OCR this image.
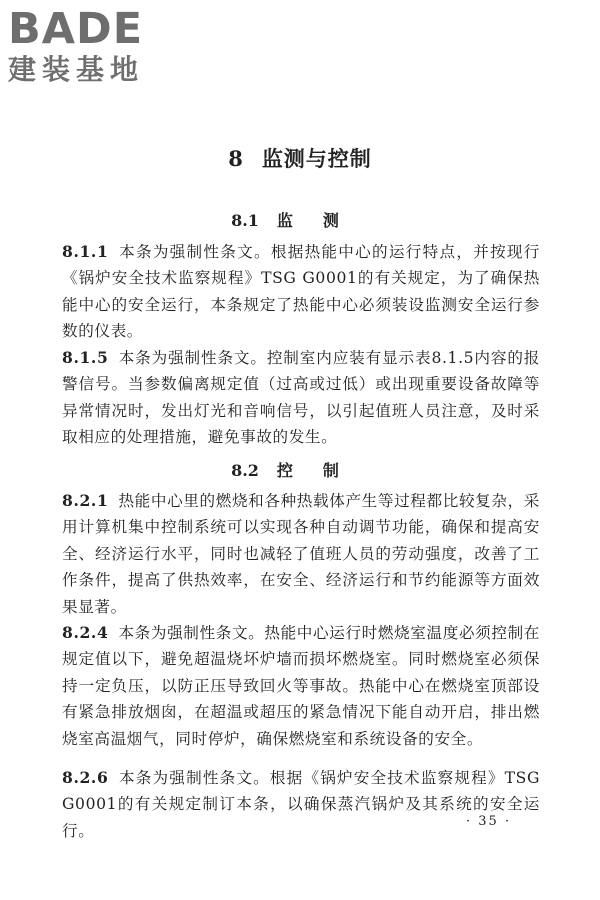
BADE
建装基地
8 监测与控制
8.1 监测
8.1.1 本条为强制性条文。根据热能中心的运行特点，并按现行《锅炉安全技术监察规程》TSG G0001的有关规定，为了确保热能中心的安全运行，本条规定了热能中心必须装设监测安全运行参数的仪表。
8.1.5 本条为强制性条文。控制室内应装有显示表8.1.5内容的报警信号。当参数偏离规定值（过高或过低）或出现重要设备故障等异常情况时，发出灯光和音响信号，以引起值班人员注意，及时采取相应的处理措施，避免事故的发生。
8.2 控制
8.2.1 热能中心里的燃烧和各种热载体产生等过程都比较复杂，采用计算机集中控制系统可以实现各种自动调节功能，确保和提高安全、经济运行水平，同时也减轻了值班人员的劳动强度，改善了工作条件，提高了供热效率，在安全、经济运行和节约能源等方面效果显著。
8.2.4 本条为强制性条文。热能中心运行时燃烧室温度必须控制在规定值以下，避免超温烧坏炉墙而损坏燃烧室。同时燃烧室必须保持一定负压，以防正压导致回火等事故。热能中心在燃烧室顶部设有紧急排放烟囱，在超温或超压的紧急情况下能自动开启，排出燃烧室高温烟气，同时停炉，确保燃烧室和系统设备的安全。
8.2.6 本条为强制性条文。根据《锅炉安全技术监察规程》TSG G0001的有关规定制订本条，以确保蒸汽锅炉及其系统的安全运行。
· 35 ·
